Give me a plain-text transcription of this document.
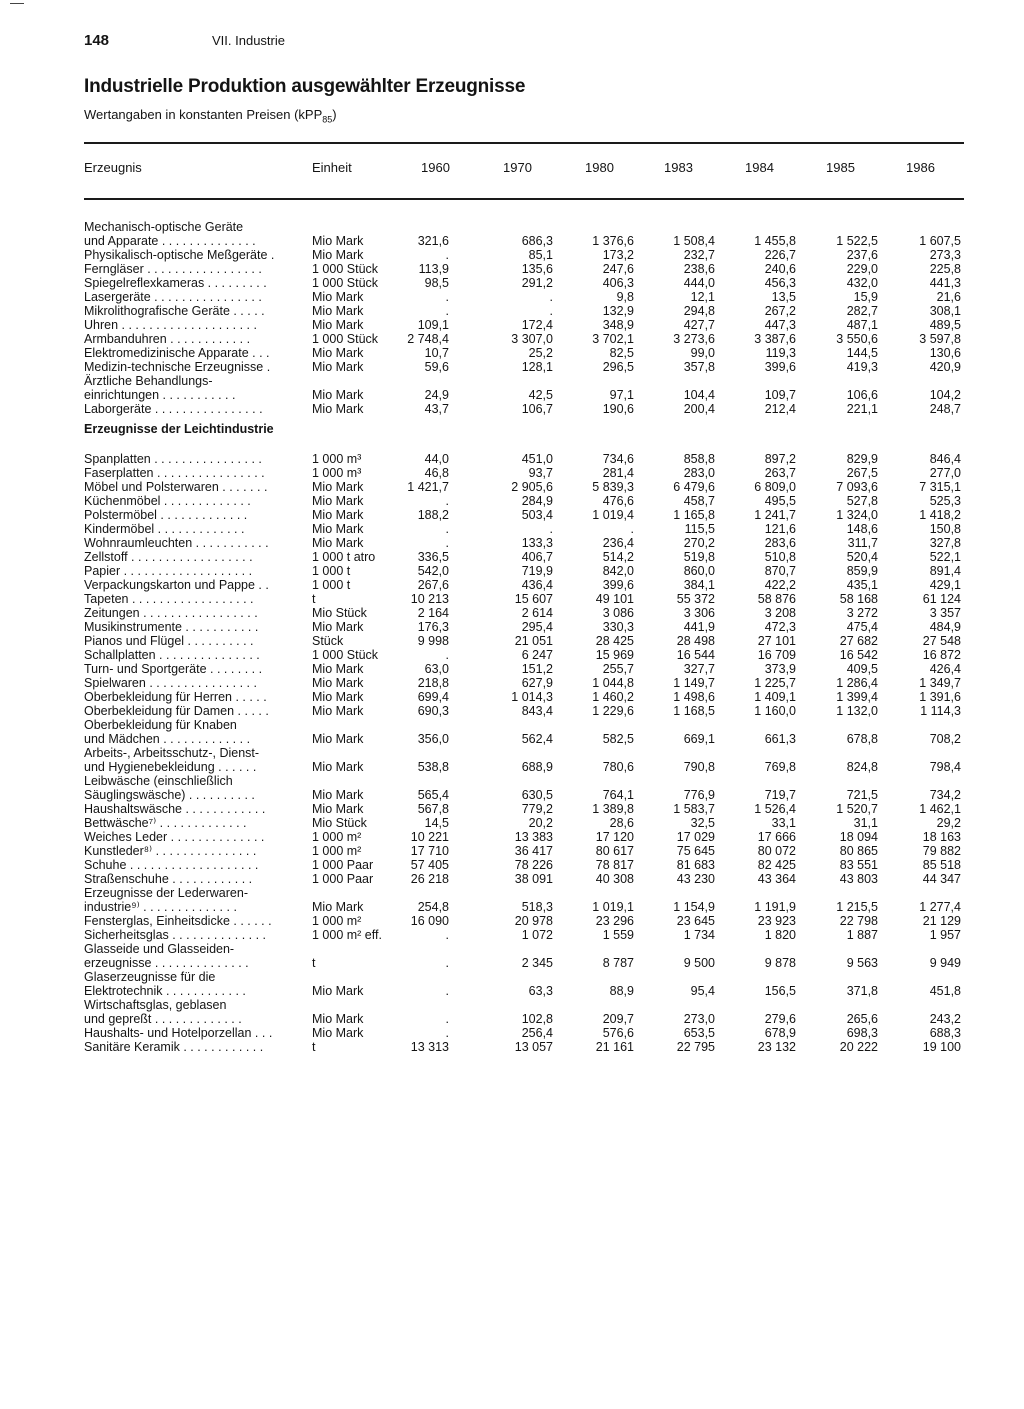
148	VII. Industrie
Industrielle Produktion ausgewählter Erzeugnisse
Wertangaben in konstanten Preisen (kPP$_{85}$)
Erzeugnis	Einheit	1960	1970	1980	1983	1984	1985	1986
Mechanisch-optische Geräte
und Apparate . . . . . . . . . . . . . .	Mio Mark	321,6	686,3	1 376,6	1 508,4	1 455,8	1 522,5	1 607,5
Physikalisch-optische Meßgeräte .	Mio Mark	.	85,1	173,2	232,7	226,7	237,6	273,3
Ferngläser . . . . . . . . . . . . . . . . .	1 000 Stück	113,9	135,6	247,6	238,6	240,6	229,0	225,8
Spiegelreflexkameras . . . . . . . . .	1 000 Stück	98,5	291,2	406,3	444,0	456,3	432,0	441,3
Lasergeräte . . . . . . . . . . . . . . . .	Mio Mark	.	.	9,8	12,1	13,5	15,9	21,6
Mikrolithografische Geräte . . . . .	Mio Mark	.	.	132,9	294,8	267,2	282,7	308,1
Uhren . . . . . . . . . . . . . . . . . . . .	Mio Mark	109,1	172,4	348,9	427,7	447,3	487,1	489,5
Armbanduhren . . . . . . . . . . . .	1 000 Stück 2 748,4	3 307,0	3 702,1	3 273,6	3 387,6	3 550,6	3 597,8
Elektromedizinische Apparate . . .	Mio Mark	10,7	25,2	82,5	99,0	119,3	144,5	130,6
Medizin-technische Erzeugnisse .	Mio Mark	59,6	128,1	296,5	357,8	399,6	419,3	420,9
Ärztliche Behandlungs-
einrichtungen . . . . . . . . . . .	Mio Mark	24,9	42,5	97,1	104,4	109,7	106,6	104,2
Laborgeräte . . . . . . . . . . . . . . . .	Mio Mark	43,7	106,7	190,6	200,4	212,4	221,1	248,7
Erzeugnisse der Leichtindustrie
Spanplatten . . . . . . . . . . . . . . . .	1 000 m³	44,0	451,0	734,6	858,8	897,2	829,9	846,4
Faserplatten . . . . . . . . . . . . . . . .	1 000 m³	46,8	93,7	281,4	283,0	263,7	267,5	277,0
Möbel und Polsterwaren . . . . . . .	Mio Mark	1 421,7	2 905,6	5 839,3	6 479,6	6 809,0	7 093,6	7 315,1
Küchenmöbel . . . . . . . . . . . . .	Mio Mark	.	284,9	476,6	458,7	495,5	527,8	525,3
Polstermöbel . . . . . . . . . . . . .	Mio Mark	188,2	503,4	1 019,4	1 165,8	1 241,7	1 324,0	1 418,2
Kindermöbel . . . . . . . . . . . . .	Mio Mark	.	.	.	115,5	121,6	148,6	150,8
Wohnraumleuchten . . . . . . . . . . .	Mio Mark	.	133,3	236,4	270,2	283,6	311,7	327,8
Zellstoff . . . . . . . . . . . . . . . . . .	1 000 t atro	336,5	406,7	514,2	519,8	510,8	520,4	522,1
Papier . . . . . . . . . . . . . . . . . . .	1 000 t	542,0	719,9	842,0	860,0	870,7	859,9	891,4
Verpackungskarton und Pappe . .	1 000 t	267,6	436,4	399,6	384,1	422,2	435,1	429,1
Tapeten . . . . . . . . . . . . . . . . . .	t	10 213	15 607	49 101	55 372	58 876	58 168	61 124
Zeitungen . . . . . . . . . . . . . . . . .	Mio Stück	2 164	2 614	3 086	3 306	3 208	3 272	3 357
Musikinstrumente . . . . . . . . . . .	Mio Mark	176,3	295,4	330,3	441,9	472,3	475,4	484,9
Pianos und Flügel . . . . . . . . . .	Stück	9 998	21 051	28 425	28 498	27 101	27 682	27 548
Schallplatten . . . . . . . . . . . . . . .	1 000 Stück	.	6 247	15 969	16 544	16 709	16 542	16 872
Turn- und Sportgeräte . . . . . . . .	Mio Mark	63,0	151,2	255,7	327,7	373,9	409,5	426,4
Spielwaren . . . . . . . . . . . . . . . .	Mio Mark	218,8	627,9	1 044,8	1 149,7	1 225,7	1 286,4	1 349,7
Oberbekleidung für Herren . . . . .	Mio Mark	699,4	1 014,3	1 460,2	1 498,6	1 409,1	1 399,4	1 391,6
Oberbekleidung für Damen . . . . .	Mio Mark	690,3	843,4	1 229,6	1 168,5	1 160,0	1 132,0	1 114,3
Oberbekleidung für Knaben
und Mädchen . . . . . . . . . . . . .	Mio Mark	356,0	562,4	582,5	669,1	661,3	678,8	708,2
Arbeits-, Arbeitsschutz-, Dienst-
und Hygienebekleidung . . . . . .	Mio Mark	538,8	688,9	780,6	790,8	769,8	824,8	798,4
Leibwäsche (einschließlich
Säuglingswäsche) . . . . . . . . . .	Mio Mark	565,4	630,5	764,1	776,9	719,7	721,5	734,2
Haushaltswäsche . . . . . . . . . . . .	Mio Mark	567,8	779,2	1 389,8	1 583,7	1 526,4	1 520,7	1 462,1
Bettwäsche⁷⁾ . . . . . . . . . . . . .	Mio Stück	14,5	20,2	28,6	32,5	33,1	31,1	29,2
Weiches Leder . . . . . . . . . . . . . .	1 000 m²	10 221	13 383	17 120	17 029	17 666	18 094	18 163
Kunstleder⁸⁾ . . . . . . . . . . . . . . .	1 000 m²	17 710	36 417	80 617	75 645	80 072	80 865	79 882
Schuhe . . . . . . . . . . . . . . . . . . .	1 000 Paar	57 405	78 226	78 817	81 683	82 425	83 551	85 518
Straßenschuhe . . . . . . . . . . . .	1 000 Paar	26 218	38 091	40 308	43 230	43 364	43 803	44 347
Erzeugnisse der Lederwaren-
industrie⁹⁾ . . . . . . . . . . . . . .	Mio Mark	254,8	518,3	1 019,1	1 154,9	1 191,9	1 215,5	1 277,4
Fensterglas, Einheitsdicke . . . . . .	1 000 m²	16 090	20 978	23 296	23 645	23 923	22 798	21 129
Sicherheitsglas . . . . . . . . . . . . . .	1 000 m² eff.	.	1 072	1 559	1 734	1 820	1 887	1 957
Glasseide und Glasseiden-
erzeugnisse . . . . . . . . . . . . . .	t	.	2 345	8 787	9 500	9 878	9 563	9 949
Glaserzeugnisse für die
Elektrotechnik . . . . . . . . . . . .	Mio Mark	.	63,3	88,9	95,4	156,5	371,8	451,8
Wirtschaftsglas, geblasen
und gepreßt . . . . . . . . . . . . .	Mio Mark	.	102,8	209,7	273,0	279,6	265,6	243,2
Haushalts- und Hotelporzellan . . .	Mio Mark	.	256,4	576,6	653,5	678,9	698,3	688,3
Sanitäre Keramik . . . . . . . . . . . .	t	13 313	13 057	21 161	22 795	23 132	20 222	19 100
